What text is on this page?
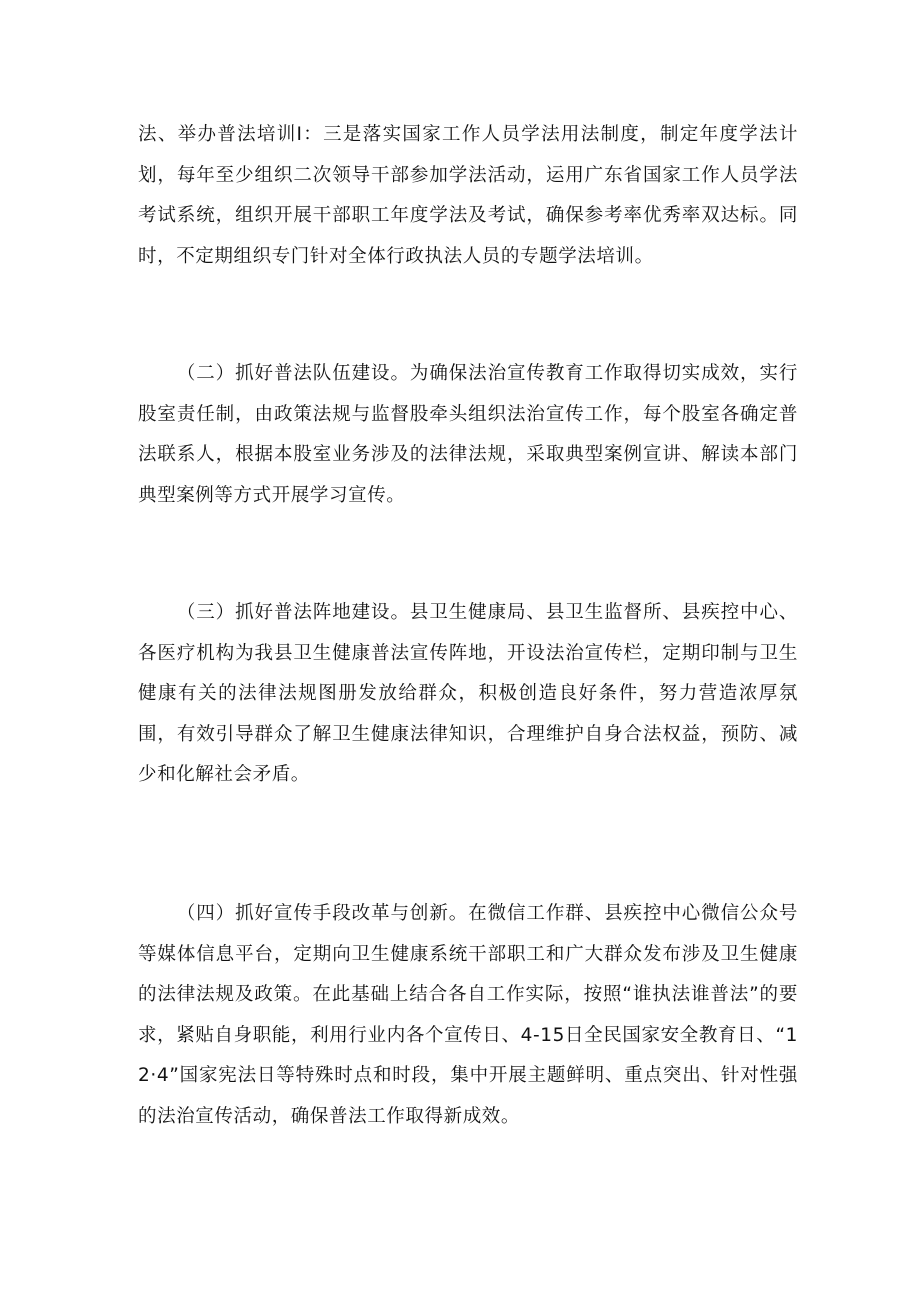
法、举办普法培训I：三是落实国家工作人员学法用法制度，制定年度学法计划，每年至少组织二次领导干部参加学法活动，运用广东省国家工作人员学法考试系统，组织开展干部职工年度学法及考试，确保参考率优秀率双达标。同时，不定期组织专门针对全体行政执法人员的专题学法培训。
（二）抓好普法队伍建设。为确保法治宣传教育工作取得切实成效，实行股室责任制，由政策法规与监督股牵头组织法治宣传工作，每个股室各确定普法联系人，根据本股室业务涉及的法律法规，采取典型案例宣讲、解读本部门典型案例等方式开展学习宣传。
（三）抓好普法阵地建设。县卫生健康局、县卫生监督所、县疾控中心、各医疗机构为我县卫生健康普法宣传阵地，开设法治宣传栏，定期印制与卫生健康有关的法律法规图册发放给群众，积极创造良好条件，努力营造浓厚氛围，有效引导群众了解卫生健康法律知识，合理维护自身合法权益，预防、减少和化解社会矛盾。
（四）抓好宣传手段改革与创新。在微信工作群、县疾控中心微信公众号等媒体信息平台，定期向卫生健康系统干部职工和广大群众发布涉及卫生健康的法律法规及政策。在此基础上结合各自工作实际，按照“谁执法谁普法”的要求，紧贴自身职能，利用行业内各个宣传日、4-15日全民国家安全教育日、“12·4”国家宪法日等特殊时点和时段，集中开展主题鲜明、重点突出、针对性强的法治宣传活动，确保普法工作取得新成效。
